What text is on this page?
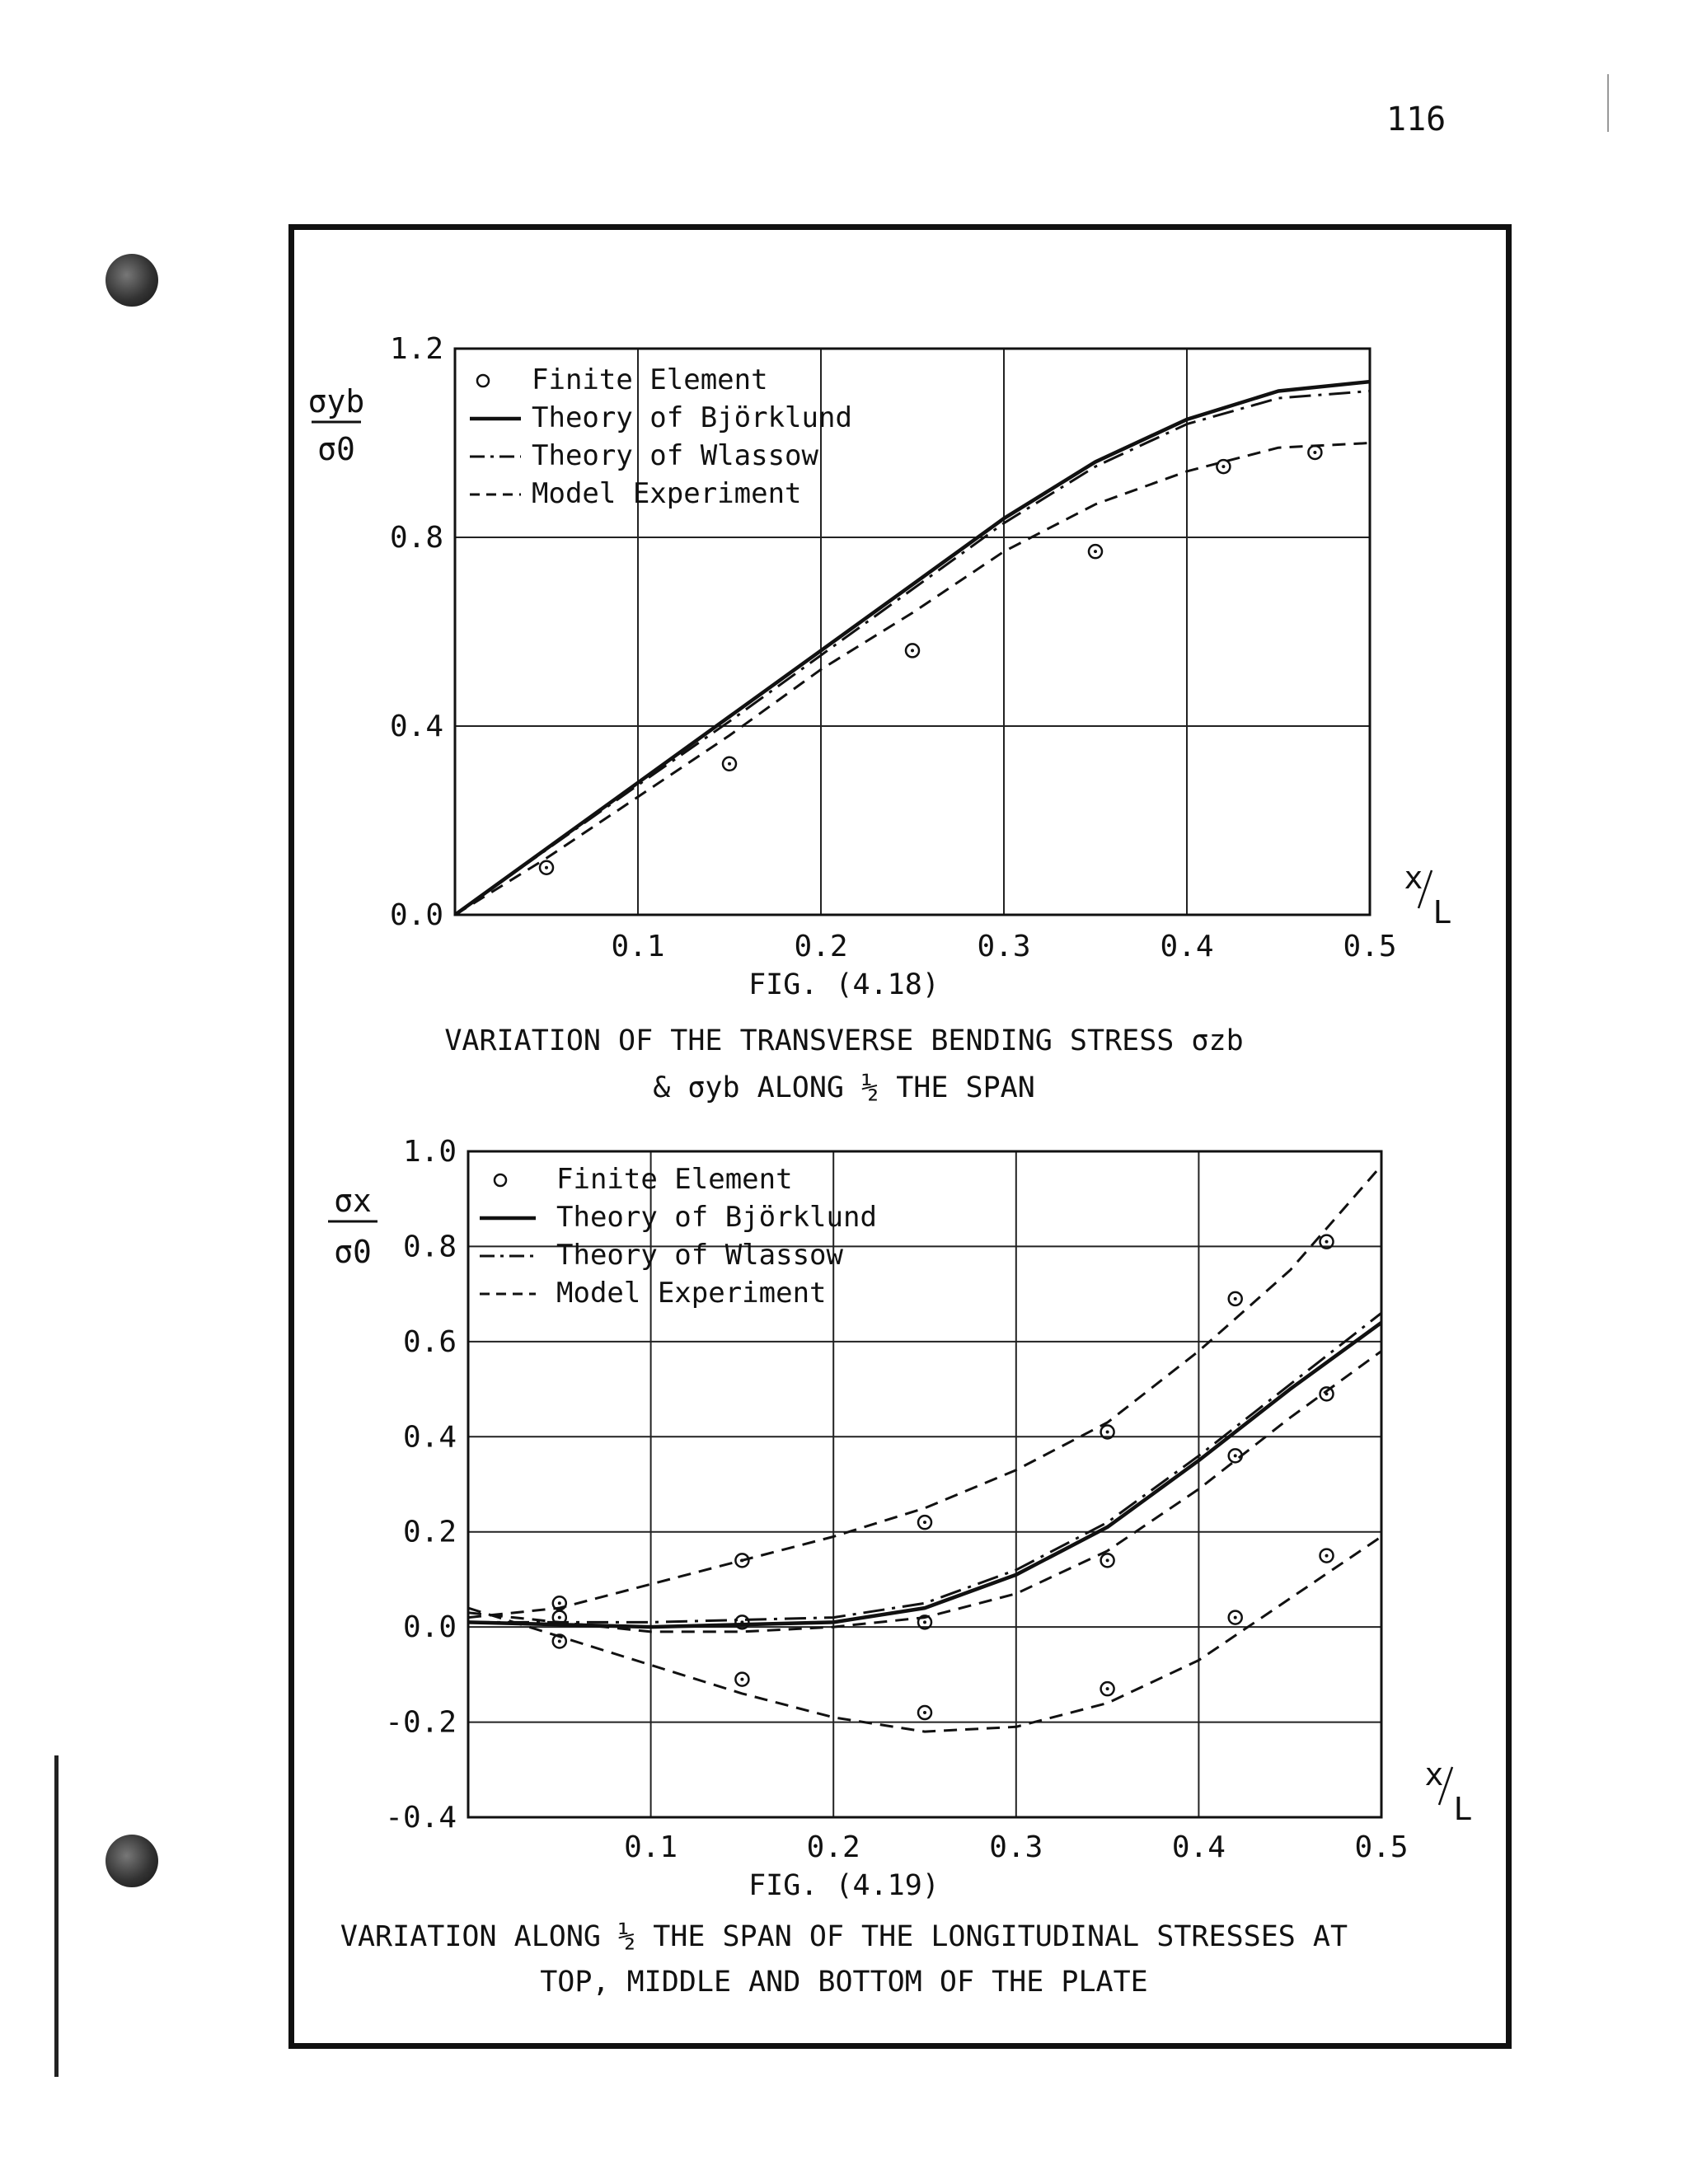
116
0.1	0.2	0.3	0.4	0.5
0.0
0.4
0.8
1.2
Finite Element
Theory of Björklund
Theory of Wlassow
Model Experiment
σyb
σ0
x
L
0.1	0.2	0.3	0.4	0.5
-0.4
-0.2
0.0
0.2
0.4
0.6
0.8
1.0
Finite Element
Theory of Björklund
Theory of Wlassow
Model Experiment
σx
σ0
x
L
FIG. (4.18)
VARIATION OF THE TRANSVERSE BENDING STRESS σzb
& σyb ALONG ½ THE SPAN
FIG. (4.19)
VARIATION ALONG ½ THE SPAN OF THE LONGITUDINAL STRESSES AT
TOP, MIDDLE AND BOTTOM OF THE PLATE
